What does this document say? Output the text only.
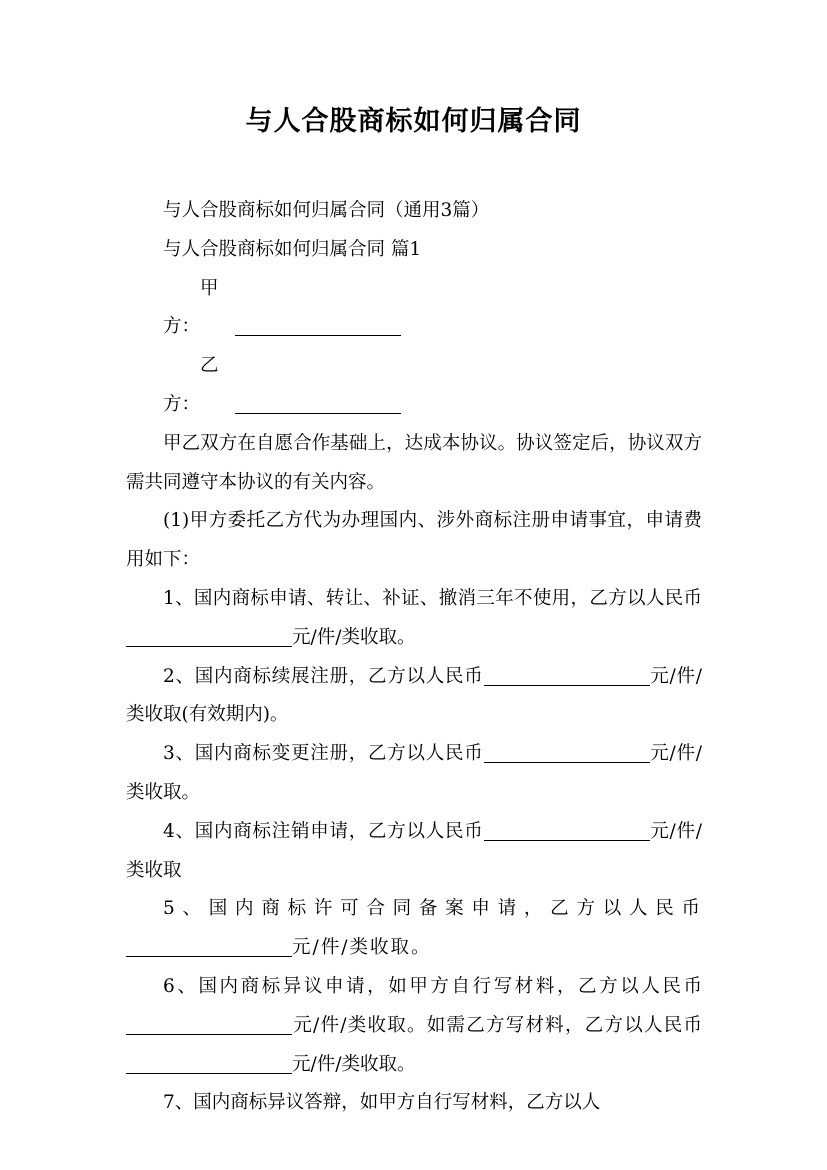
与人合股商标如何归属合同

与人合股商标如何归属合同（通用3篇）

与人合股商标如何归属合同 篇1

甲方：

乙方：

甲乙双方在自愿合作基础上，达成本协议。协议签定后，协议双方需共同遵守本协议的有关内容。

(1)甲方委托乙方代为办理国内、涉外商标注册申请事宜，申请费用如下：

1、国内商标申请、转让、补证、撤消三年不使用，乙方以人民币元/件/类收取。

2、国内商标续展注册，乙方以人民币	元/件/类收取(有效期内)。

3、国内商标变更注册，乙方以人民币	元/件/类收取。

4、国内商标注销申请，乙方以人民币	元/件/类收取

5、国内商标许可合同备案申请，乙方以人民币元/件/类收取。

6、国内商标异议申请，如甲方自行写材料，乙方以人民币元/件/类收取。如需乙方写材料，乙方以人民币元/件/类收取。

7、国内商标异议答辩，如甲方自行写材料，乙方以人
